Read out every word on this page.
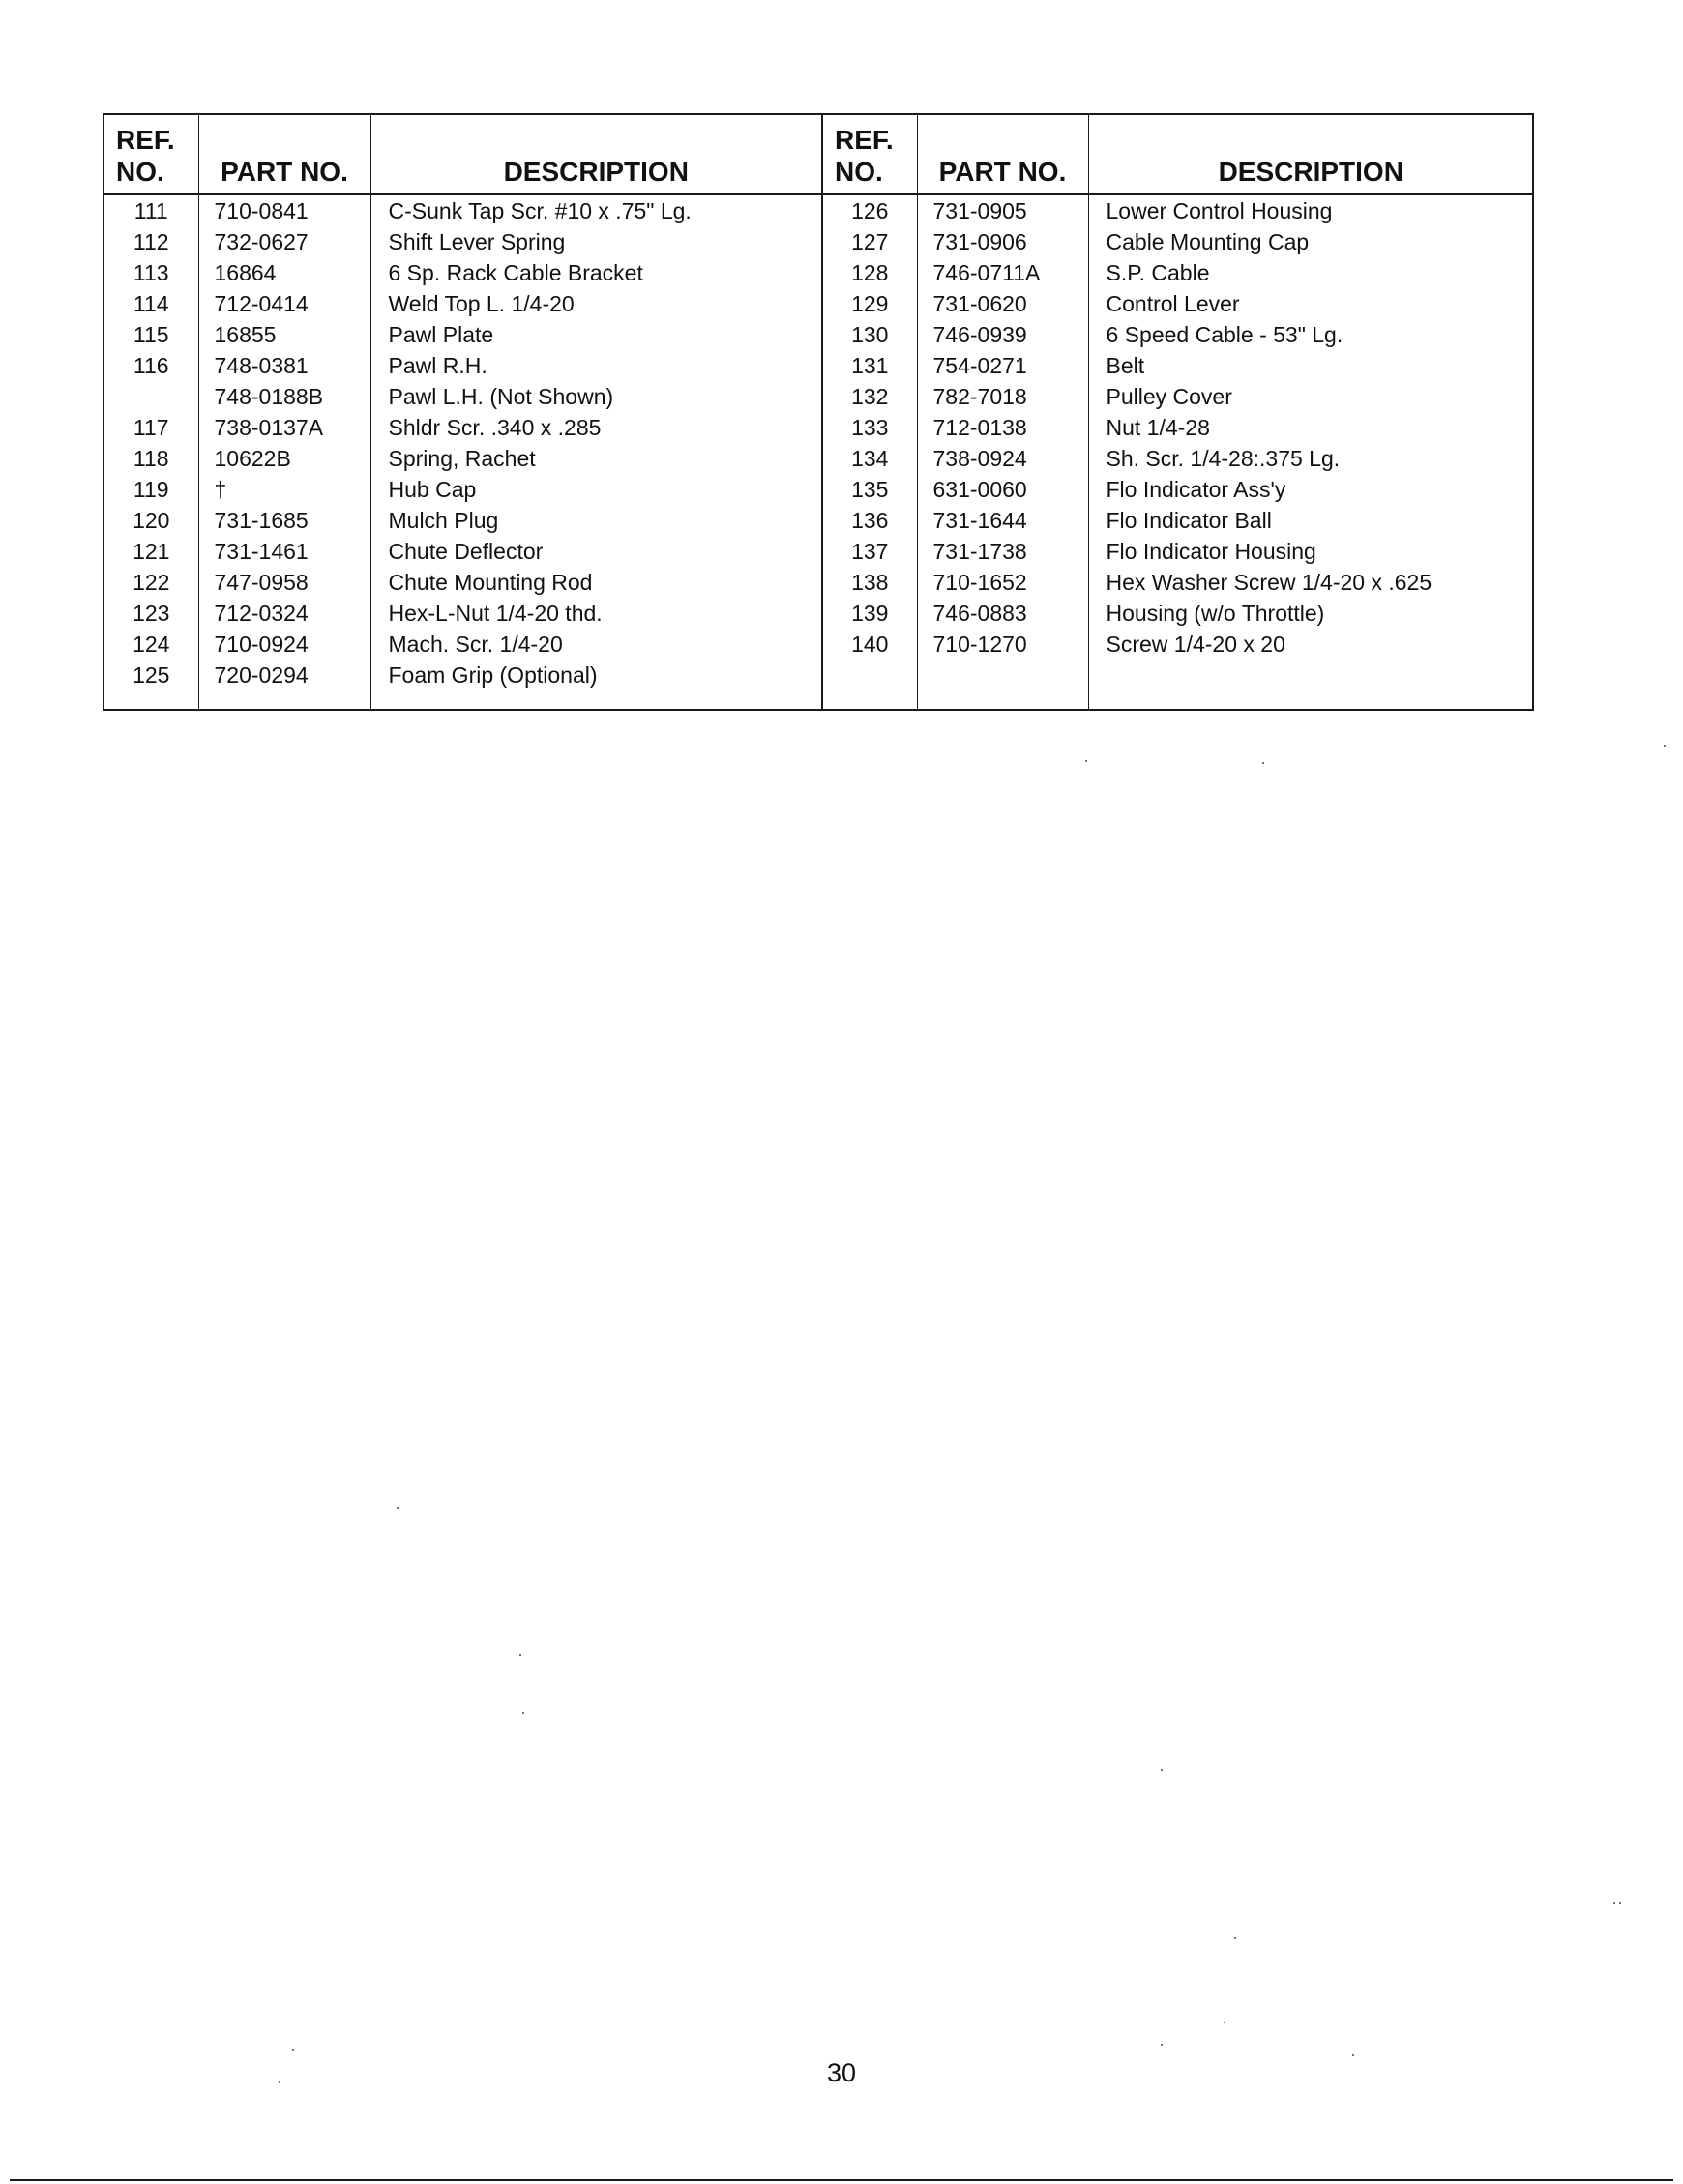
REF.
NO.	PART NO.	DESCRIPTION
111	710-0841	C-Sunk Tap Scr. #10 x .75" Lg.
112	732-0627	Shift Lever Spring
113	16864	6 Sp. Rack Cable Bracket
114	712-0414	Weld Top L. 1/4-20
115	16855	Pawl Plate
116	748-0381	Pawl R.H.
	748-0188B	Pawl L.H. (Not Shown)
117	738-0137A	Shldr Scr. .340 x .285
118	10622B	Spring, Rachet
119	†	Hub Cap
120	731-1685	Mulch Plug
121	731-1461	Chute Deflector
122	747-0958	Chute Mounting Rod
123	712-0324	Hex-L-Nut 1/4-20 thd.
124	710-0924	Mach. Scr. 1/4-20
125	720-0294	Foam Grip (Optional)

REF.
NO.	PART NO.	DESCRIPTION
126	731-0905	Lower Control Housing
127	731-0906	Cable Mounting Cap
128	746-0711A	S.P. Cable
129	731-0620	Control Lever
130	746-0939	6 Speed Cable - 53" Lg.
131	754-0271	Belt
132	782-7018	Pulley Cover
133	712-0138	Nut 1/4-28
134	738-0924	Sh. Scr. 1/4-28:.375 Lg.
135	631-0060	Flo Indicator Ass'y
136	731-1644	Flo Indicator Ball
137	731-1738	Flo Indicator Housing
138	710-1652	Hex Washer Screw 1/4-20 x .625
139	746-0883	Housing (w/o Throttle)
140	710-1270	Screw 1/4-20 x 20

30
